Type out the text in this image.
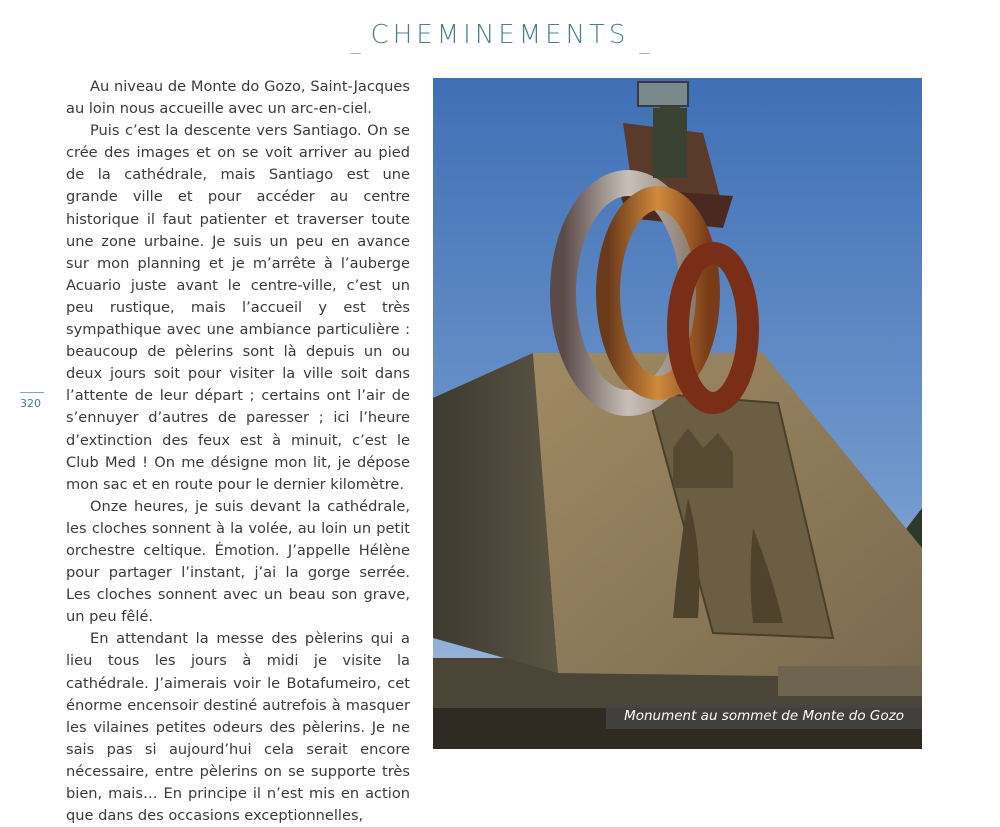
$_{\_}$ CHEMINEMENTS $_{\_}$
320

Au niveau de Monte do Gozo, Saint-Jacques au loin nous accueille avec un arc-en-ciel.

Puis c’est la descente vers Santiago. On se crée des images et on se voit arriver au pied de la cathédrale, mais Santiago est une grande ville et pour accéder au centre historique il faut patienter et traverser toute une zone urbaine. Je suis un peu en avance sur mon planning et je m’arrête à l’auberge Acuario juste avant le centre-ville, c’est un peu rustique, mais l’accueil y est très sympathique avec une ambiance particulière : beaucoup de pèlerins sont là depuis un ou deux jours soit pour visiter la ville soit dans l’attente de leur départ ; certains ont l’air de s’ennuyer d’autres de paresser ; ici l’heure d’extinction des feux est à minuit, c’est le Club Med ! On me désigne mon lit, je dépose mon sac et en route pour le dernier kilomètre.

Onze heures, je suis devant la cathédrale, les cloches sonnent à la volée, au loin un petit orchestre celtique. Émotion. J’appelle Hélène pour partager l’instant, j’ai la gorge serrée. Les cloches sonnent avec un beau son grave, un peu fêlé.

En attendant la messe des pèlerins qui a lieu tous les jours à midi je visite la cathédrale. J’aimerais voir le Botafumeiro, cet énorme encensoir destiné autrefois à masquer les vilaines petites odeurs des pèlerins. Je ne sais pas si aujourd’hui cela serait encore nécessaire, entre pèlerins on se supporte très bien, mais… En principe il n’est mis en action que dans des occasions exceptionnelles,

Monument au sommet de Monte do Gozo
